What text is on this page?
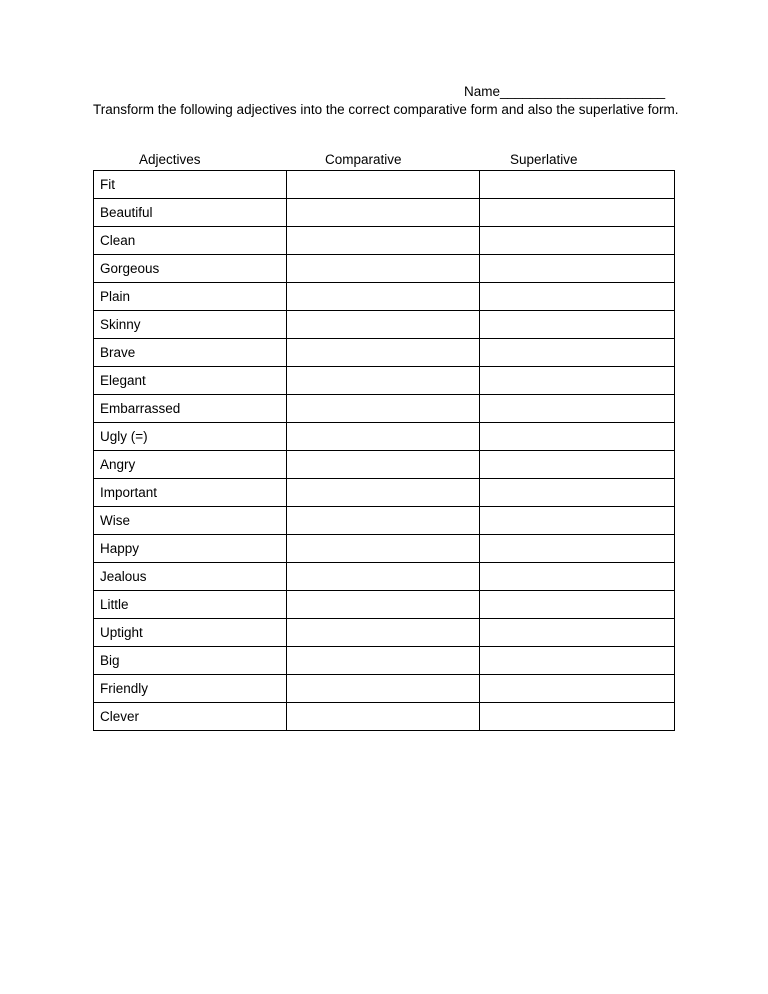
Name______________________
Transform the following adjectives into the correct comparative form and also the superlative form.
Adjectives	Comparative	Superlative
Fit		
Beautiful		
Clean		
Gorgeous		
Plain		
Skinny		
Brave		
Elegant		
Embarrassed		
Ugly (=)		
Angry		
Important		
Wise		
Happy		
Jealous		
Little		
Uptight		
Big		
Friendly		
Clever		
